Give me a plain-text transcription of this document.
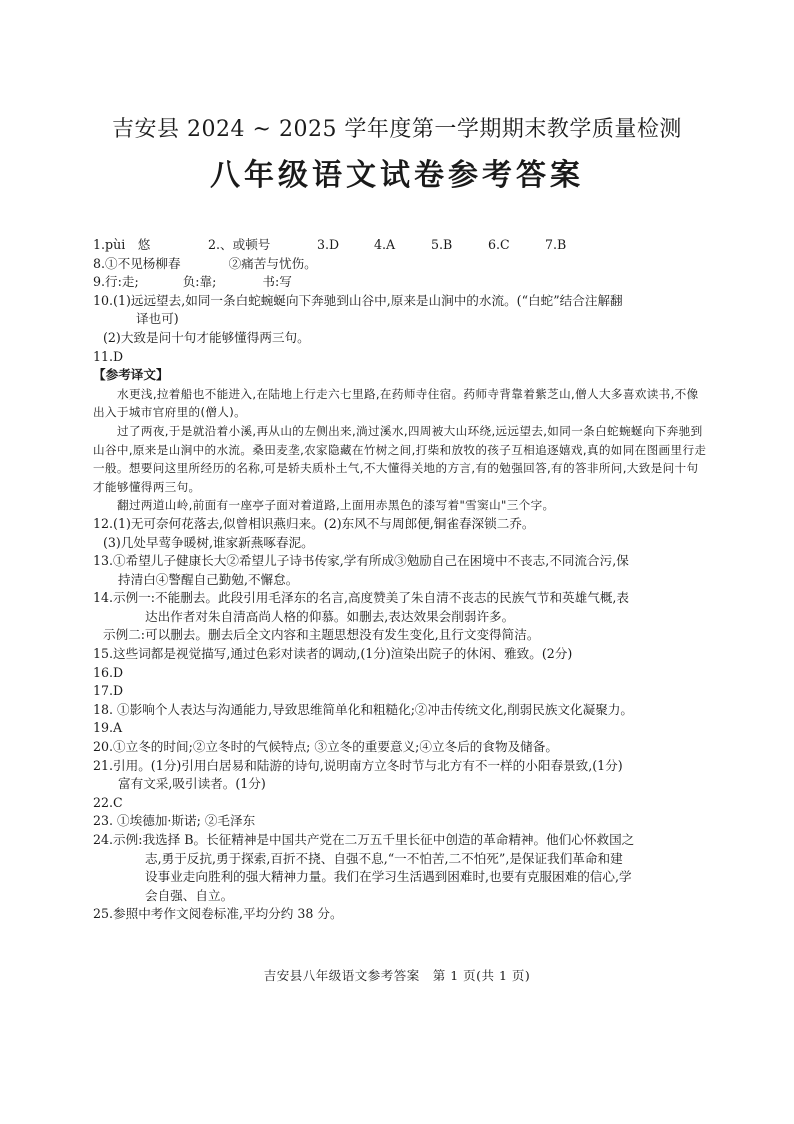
吉安县 2024 ~ 2025 学年度第一学期期末教学质量检测
八年级语文试卷参考答案
1.pùi　悠	2.、或顿号	3.D	4.A	5.B	6.C	7.B
8.①不见杨柳春	②痛苦与忧伤。
9.行:走;	负:靠;	书:写
10.(1)远远望去,如同一条白蛇蜿蜒向下奔驰到山谷中,原来是山涧中的水流。(“白蛇”结合注解翻
译也可)
(2)大致是问十句才能够懂得两三句。
11.D
【参考译文】

水更浅,拉着船也不能进入,在陆地上行走六七里路,在药师寺住宿。药师寺背靠着紫芝山,僧人大多喜欢读书,不像出入于城市官府里的(僧人)。

过了两夜,于是就沿着小溪,再从山的左侧出来,淌过溪水,四周被大山环绕,远远望去,如同一条白蛇蜿蜒向下奔驰到山谷中,原来是山涧中的水流。桑田麦垄,农家隐藏在竹树之间,打柴和放牧的孩子互相追逐嬉戏,真的如同在图画里行走一般。想要问这里所经历的名称,可是轿夫质朴土气,不大懂得关地的方言,有的勉强回答,有的答非所问,大致是问十句才能够懂得两三句。

翻过两道山岭,前面有一座亭子面对着道路,上面用赤黑色的漆写着"雪窦山"三个字。

12.(1)无可奈何花落去,似曾相识燕归来。(2)东风不与周郎便,铜雀春深锁二乔。
(3)几处早莺争暖树,谁家新燕啄春泥。
13.①希望儿子健康长大②希望儿子诗书传家,学有所成③勉励自己在困境中不丧志,不同流合污,保
持清白④警醒自己勤勉,不懈怠。
14.示例一:不能删去。此段引用毛泽东的名言,高度赞美了朱自清不丧志的民族气节和英雄气概,表
达出作者对朱自清高尚人格的仰慕。如删去,表达效果会削弱许多。
示例二:可以删去。删去后全文内容和主题思想没有发生变化,且行文变得简洁。
15.这些词都是视觉描写,通过色彩对读者的调动,(1分)渲染出院子的休闲、雅致。(2分)
16.D
17.D
18. ①影响个人表达与沟通能力,导致思维简单化和粗糙化;②冲击传统文化,削弱民族文化凝聚力。
19.A
20.①立冬的时间;②立冬时的气候特点; ③立冬的重要意义;④立冬后的食物及储备。
21.引用。(1分)引用白居易和陆游的诗句,说明南方立冬时节与北方有不一样的小阳春景致,(1分)
富有文采,吸引读者。(1分)
22.C
23. ①埃德加·斯诺; ②毛泽东
24.示例:我选择 B。长征精神是中国共产党在二万五千里长征中创造的革命精神。他们心怀救国之
志,勇于反抗,勇于探索,百折不挠、自强不息,“一不怕苦,二不怕死”,是保证我们革命和建
设事业走向胜利的强大精神力量。我们在学习生活遇到困难时,也要有克服困难的信心,学
会自强、自立。
25.参照中考作文阅卷标准,平均分约 38 分。
吉安县八年级语文参考答案　第 1 页(共 1 页)
